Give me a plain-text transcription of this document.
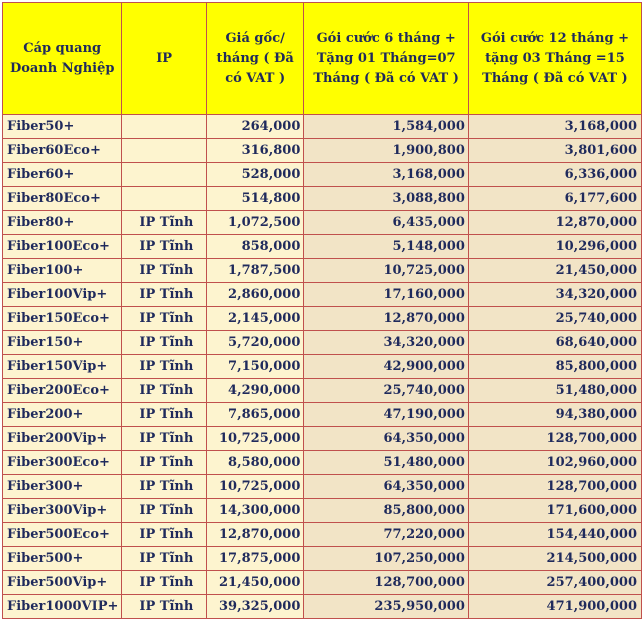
Cáp quang Doanh Nghiệp	IP	Giá gốc/ tháng ( Đã có VAT )	Gói cước 6 tháng + Tặng 01 Tháng=07 Tháng ( Đã có VAT )	Gói cước 12 tháng + tặng 03 Tháng =15 Tháng ( Đã có VAT )
Fiber50+		264,000	1,584,000	3,168,000
Fiber60Eco+		316,800	1,900,800	3,801,600
Fiber60+		528,000	3,168,000	6,336,000
Fiber80Eco+		514,800	3,088,800	6,177,600
Fiber80+	IP Tĩnh	1,072,500	6,435,000	12,870,000
Fiber100Eco+	IP Tĩnh	858,000	5,148,000	10,296,000
Fiber100+	IP Tĩnh	1,787,500	10,725,000	21,450,000
Fiber100Vip+	IP Tĩnh	2,860,000	17,160,000	34,320,000
Fiber150Eco+	IP Tĩnh	2,145,000	12,870,000	25,740,000
Fiber150+	IP Tĩnh	5,720,000	34,320,000	68,640,000
Fiber150Vip+	IP Tĩnh	7,150,000	42,900,000	85,800,000
Fiber200Eco+	IP Tĩnh	4,290,000	25,740,000	51,480,000
Fiber200+	IP Tĩnh	7,865,000	47,190,000	94,380,000
Fiber200Vip+	IP Tĩnh	10,725,000	64,350,000	128,700,000
Fiber300Eco+	IP Tĩnh	8,580,000	51,480,000	102,960,000
Fiber300+	IP Tĩnh	10,725,000	64,350,000	128,700,000
Fiber300Vip+	IP Tĩnh	14,300,000	85,800,000	171,600,000
Fiber500Eco+	IP Tĩnh	12,870,000	77,220,000	154,440,000
Fiber500+	IP Tĩnh	17,875,000	107,250,000	214,500,000
Fiber500Vip+	IP Tĩnh	21,450,000	128,700,000	257,400,000
Fiber1000VIP+	IP Tĩnh	39,325,000	235,950,000	471,900,000
